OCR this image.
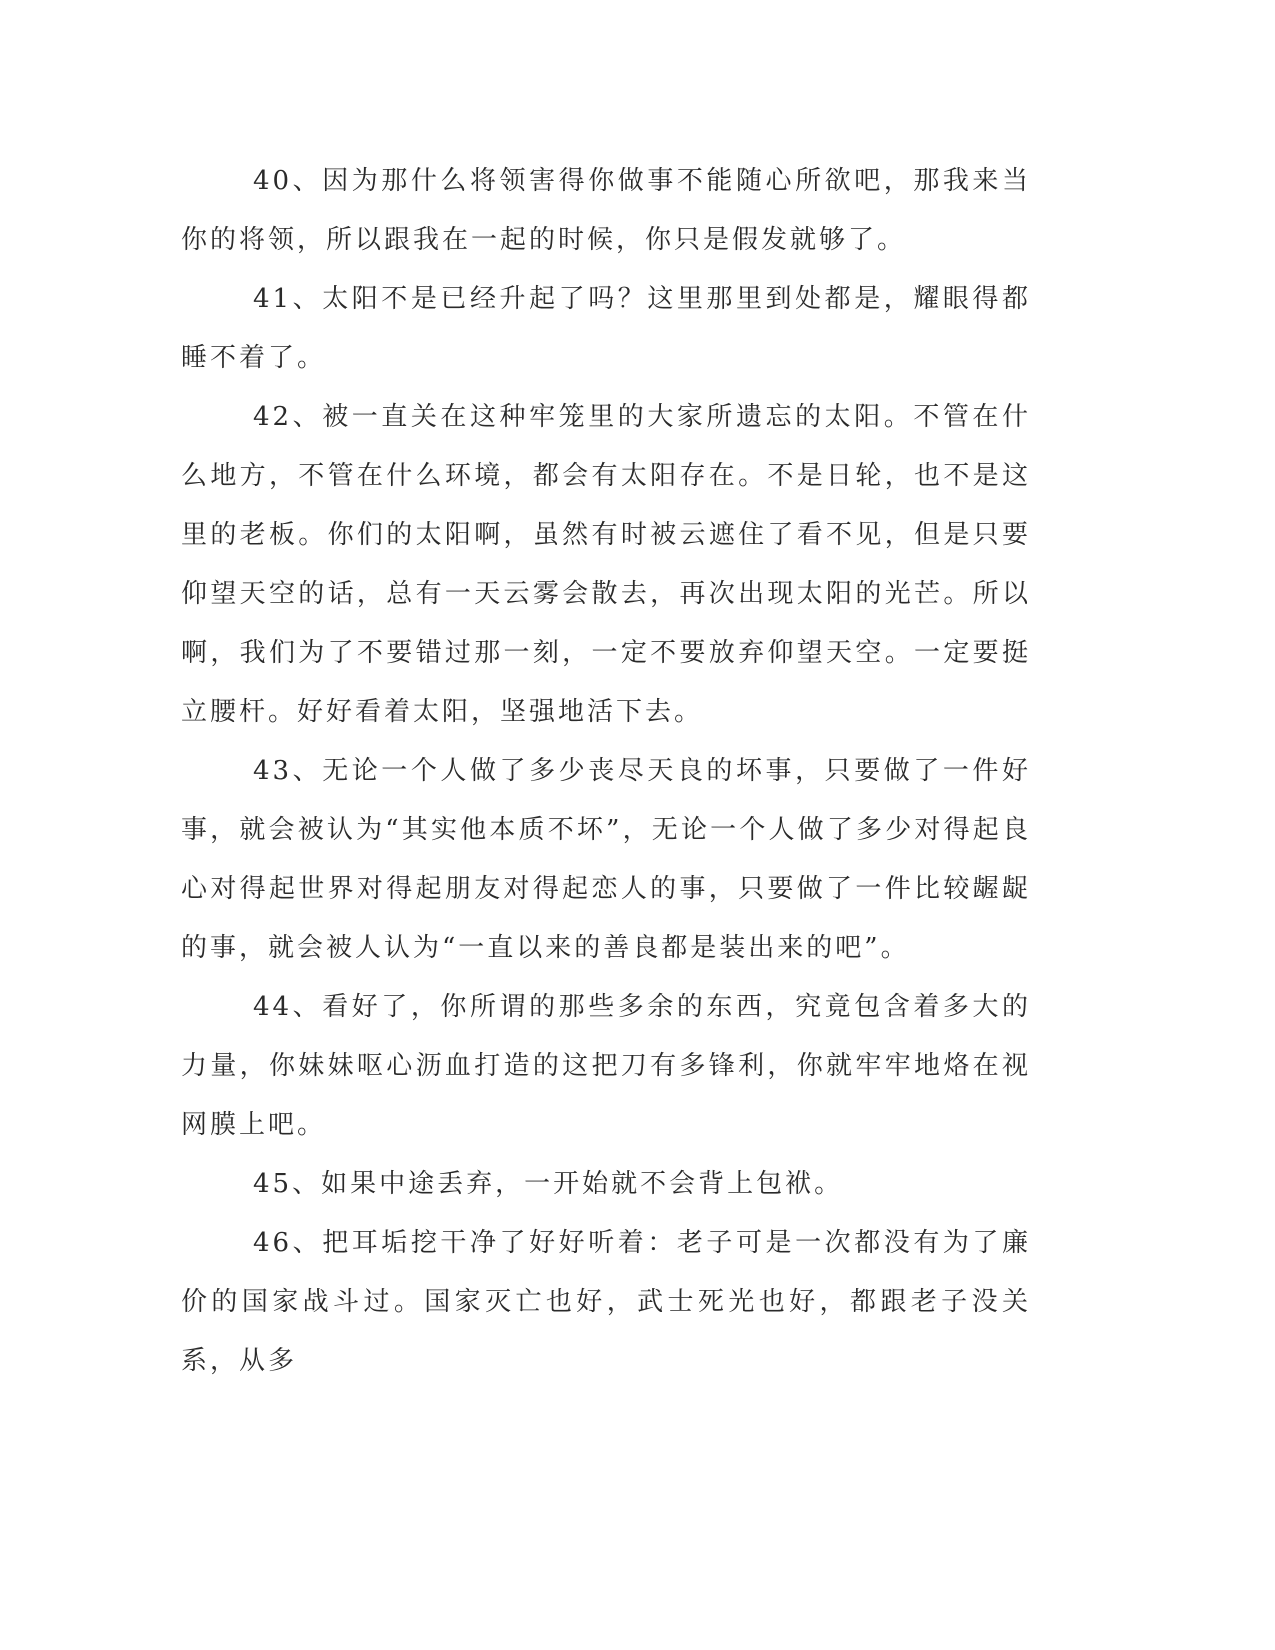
40、因为那什么将领害得你做事不能随心所欲吧，那我来当你的将领，所以跟我在一起的时候，你只是假发就够了。

41、太阳不是已经升起了吗？这里那里到处都是，耀眼得都睡不着了。

42、被一直关在这种牢笼里的大家所遗忘的太阳。不管在什么地方，不管在什么环境，都会有太阳存在。不是日轮，也不是这里的老板。你们的太阳啊，虽然有时被云遮住了看不见，但是只要仰望天空的话，总有一天云雾会散去，再次出现太阳的光芒。所以啊，我们为了不要错过那一刻，一定不要放弃仰望天空。一定要挺立腰杆。好好看着太阳，坚强地活下去。

43、无论一个人做了多少丧尽天良的坏事，只要做了一件好事，就会被认为“其实他本质不坏”，无论一个人做了多少对得起良心对得起世界对得起朋友对得起恋人的事，只要做了一件比较龌龊的事，就会被人认为“一直以来的善良都是装出来的吧”。

44、看好了，你所谓的那些多余的东西，究竟包含着多大的力量，你妹妹呕心沥血打造的这把刀有多锋利，你就牢牢地烙在视网膜上吧。

45、如果中途丢弃，一开始就不会背上包袱。

46、把耳垢挖干净了好好听着：老子可是一次都没有为了廉价的国家战斗过。国家灭亡也好，武士死光也好，都跟老子没关系，从多
